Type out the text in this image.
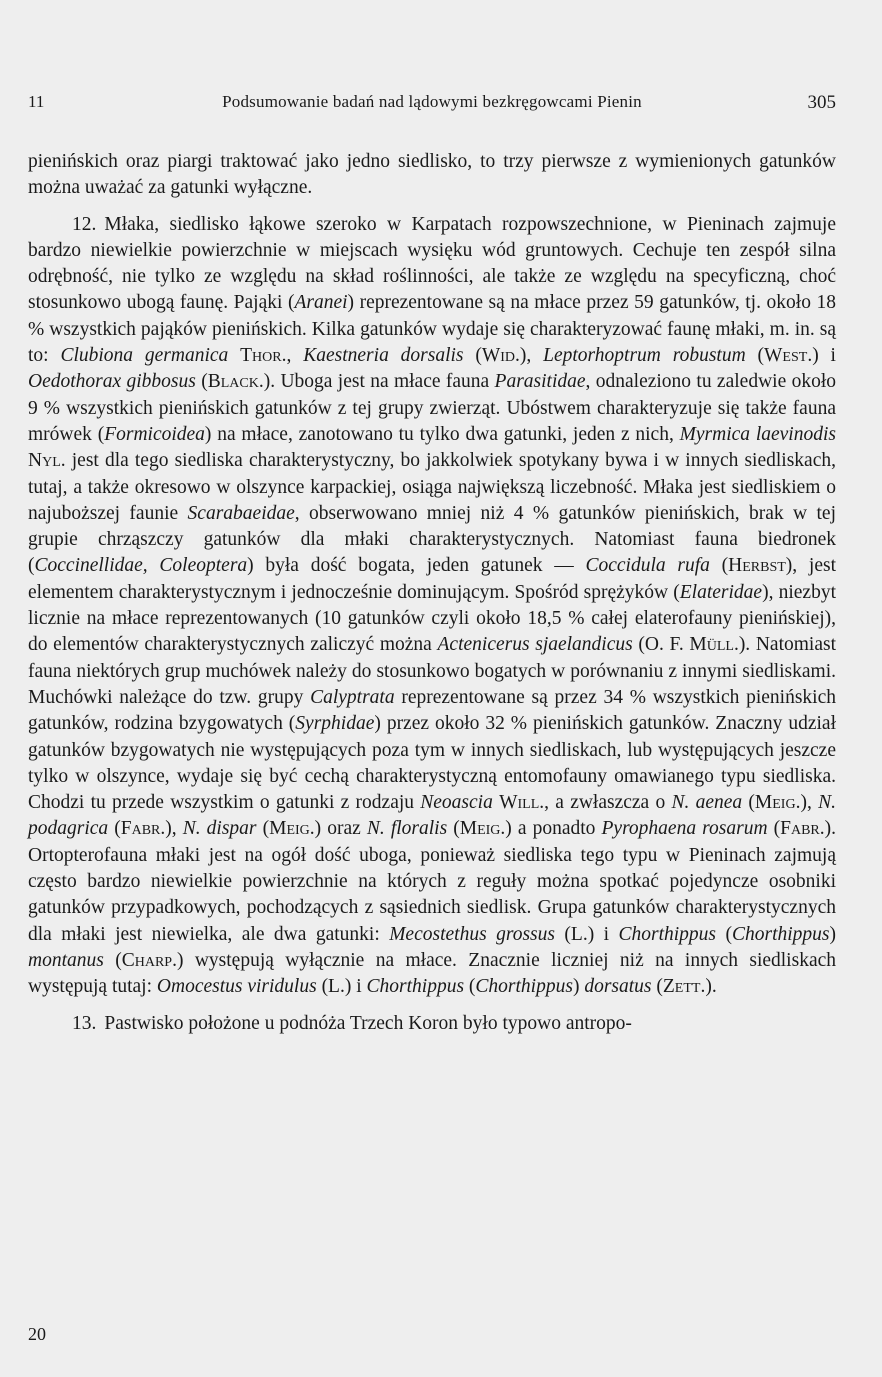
11	Podsumowanie badań nad lądowymi bezkręgowcami Pienin	305

pienińskich oraz piargi traktować jako jedno siedlisko, to trzy pierwsze z wymienionych gatunków można uważać za gatunki wyłączne.

12. Młaka, siedlisko łąkowe szeroko w Karpatach rozpowszechnione, w Pieninach zajmuje bardzo niewielkie powierzchnie w miejscach wysięku wód gruntowych. Cechuje ten zespół silna odrębność, nie tylko ze względu na skład roślinności, ale także ze względu na specyficzną, choć stosunkowo ubogą faunę. Pająki (Aranei) reprezentowane są na młace przez 59 gatunków, tj. około 18 % wszystkich pająków pienińskich. Kilka gatunków wydaje się charakteryzować faunę młaki, m. in. są to: Clubiona germanica Thor., Kaestneria dorsalis (Wid.), Leptorhoptrum robustum (West.) i Oedothorax gibbosus (Black.). Uboga jest na młace fauna Parasitidae, odnaleziono tu zaledwie około 9 % wszystkich pienińskich gatunków z tej grupy zwierząt. Ubóstwem charakteryzuje się także fauna mrówek (Formicoidea) na młace, zanotowano tu tylko dwa gatunki, jeden z nich, Myrmica laevinodis Nyl. jest dla tego siedliska charakterystyczny, bo jakkolwiek spotykany bywa i w innych siedliskach, tutaj, a także okresowo w olszynce karpackiej, osiąga największą liczebność. Młaka jest siedliskiem o najuboższej faunie Scarabaeidae, obserwowano mniej niż 4 % gatunków pienińskich, brak w tej grupie chrząszczy gatunków dla młaki charakterystycznych. Natomiast fauna biedronek (Coccinellidae, Coleoptera) była dość bogata, jeden gatunek — Coccidula rufa (Herbst), jest elementem charakterystycznym i jednocześnie dominującym. Spośród sprężyków (Elateridae), niezbyt licznie na młace reprezentowanych (10 gatunków czyli około 18,5 % całej elaterofauny pienińskiej), do elementów charakterystycznych zaliczyć można Actenicerus sjaelandicus (O. F. Müll.). Natomiast fauna niektórych grup muchówek należy do stosunkowo bogatych w porównaniu z innymi siedliskami. Muchówki należące do tzw. grupy Calyptrata reprezentowane są przez 34 % wszystkich pienińskich gatunków, rodzina bzygowatych (Syrphidae) przez około 32 % pienińskich gatunków. Znaczny udział gatunków bzygowatych nie występujących poza tym w innych siedliskach, lub występujących jeszcze tylko w olszynce, wydaje się być cechą charakterystyczną entomofauny omawianego typu siedliska. Chodzi tu przede wszystkim o gatunki z rodzaju Neoascia Will., a zwłaszcza o N. aenea (Meig.), N. podagrica (Fabr.), N. dispar (Meig.) oraz N. floralis (Meig.) a ponadto Pyrophaena rosarum (Fabr.). Ortopterofauna młaki jest na ogół dość uboga, ponieważ siedliska tego typu w Pieninach zajmują często bardzo niewielkie powierzchnie na których z reguły można spotkać pojedyncze osobniki gatunków przypadkowych, pochodzących z sąsiednich siedlisk. Grupa gatunków charakterystycznych dla młaki jest niewielka, ale dwa gatunki: Mecostethus grossus (L.) i Chorthippus (Chorthippus) montanus (Charp.) występują wyłącznie na młace. Znacznie liczniej niż na innych siedliskach występują tutaj: Omocestus viridulus (L.) i Chorthippus (Chorthippus) dorsatus (Zett.).

13. Pastwisko położone u podnóża Trzech Koron było typowo antropo-

20
